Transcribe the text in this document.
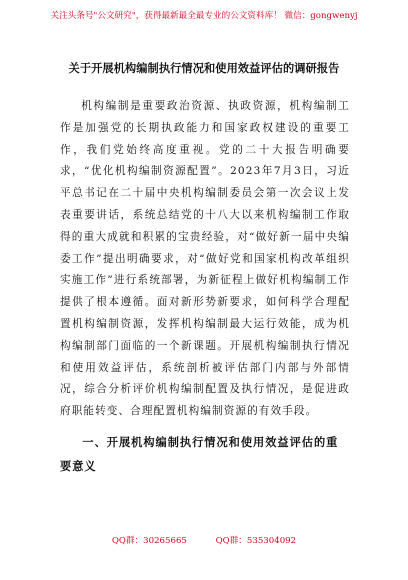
关注头条号"公文研究"，获得最新最全最专业的公文资料库！ 微信：gongwenyj
关于开展机构编制执行情况和使用效益评估的调研报告

机构编制是重要政治资源、执政资源，机构编制工作是加强党的长期执政能力和国家政权建设的重要工作，我们党始终高度重视。党的二十大报告明确要求，“优化机构编制资源配置”。2023年7月3日，习近平总书记在二十届中央机构编制委员会第一次会议上发表重要讲话，系统总结党的十八大以来机构编制工作取得的重大成就和积累的宝贵经验，对“做好新一届中央编委工作”提出明确要求，对“做好党和国家机构改革组织实施工作”进行系统部署，为新征程上做好机构编制工作提供了根本遵循。面对新形势新要求，如何科学合理配置机构编制资源，发挥机构编制最大运行效能，成为机构编制部门面临的一个新课题。开展机构编制执行情况和使用效益评估，系统剖析被评估部门内部与外部情况，综合分析评价机构编制配置及执行情况，是促进政府职能转变、合理配置机构编制资源的有效手段。

一、开展机构编制执行情况和使用效益评估的重要意义

QQ群：30265665	QQ群：535304092
